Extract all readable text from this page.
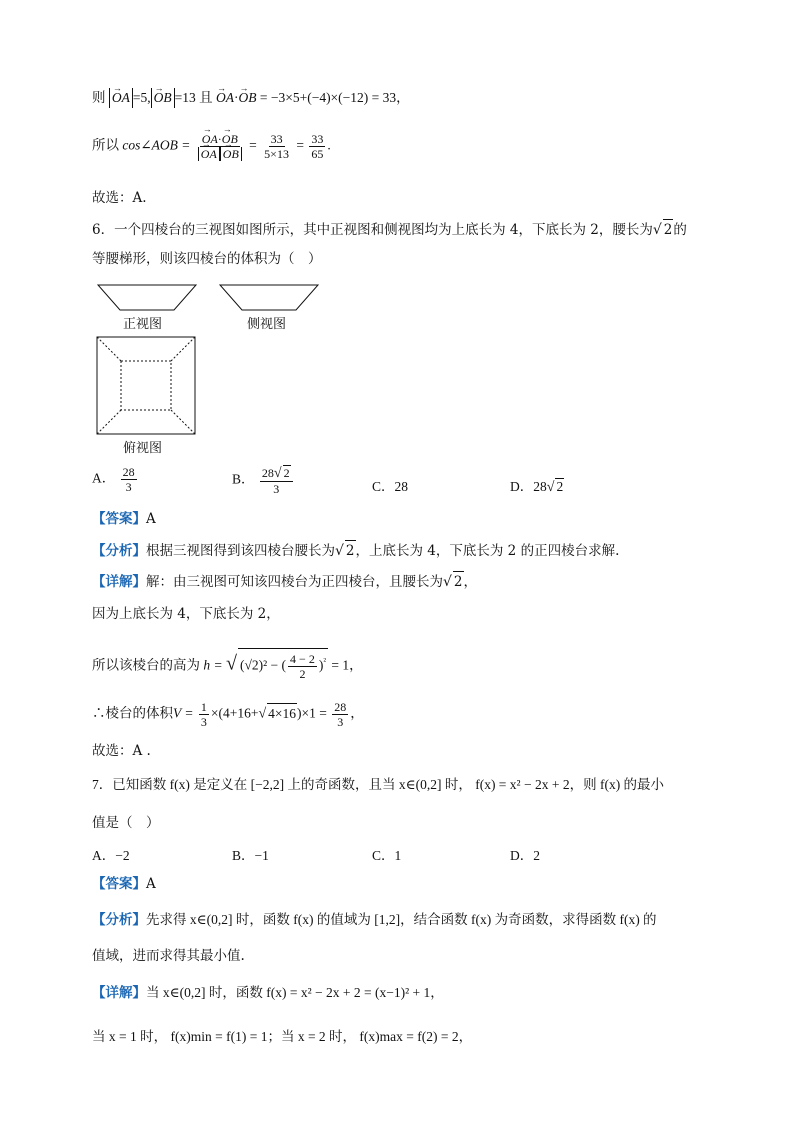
则 → OA =5, → OB =13 且 → OA·→ OB = −3×5+(−4)×(−12) = 33，
所以 cos∠AOB = → OA·→ OB
→ OA → OB = $\frac{33}{5\times 13} = \frac{33}{65}$ .
故选：A.
6．一个四棱台的三视图如图所示，其中正视图和侧视图均为上底长为 4，下底长为 2，腰长为√ 2的
等腰梯形，则该四棱台的体积为（　）
正视图	侧视图
俯视图
A． $\frac{28}{3}$	B． $\frac{28√ 2}{3}$	C．28	D．28√ 2
【答案】A
【分析】根据三视图得到该四棱台腰长为√ 2，上底长为 4，下底长为 2 的正四棱台求解.
【详解】解：由三视图可知该四棱台为正四棱台，且腰长为√ 2，
因为上底长为 4，下底长为 2，
所以该棱台的高为 h = √ (√2)² − ( $\frac{4 - 2}{2} )^{^2} = 1$，
∴棱台的体积$V = \frac{1}{3} \times(4+16+√$ $4\times 16)\times 1 = \frac{28}{3}$ ，
故选：A .
7．已知函数 f(x) 是定义在 [−2,2] 上的奇函数，且当 x∈(0,2] 时， f(x) = x² − 2x + 2，则 f(x) 的最小
值是（　）
A．−2	B．−1	C．1	D．2
【答案】A
【分析】先求得 x∈(0,2] 时，函数 f(x) 的值域为 [1,2]，结合函数 f(x) 为奇函数，求得函数 f(x) 的
值域，进而求得其最小值.
【详解】当 x∈(0,2] 时，函数 f(x) = x² − 2x + 2 = (x−1)² + 1，
当 x = 1 时， f(x)min = f(1) = 1；当 x = 2 时， f(x)max = f(2) = 2，
